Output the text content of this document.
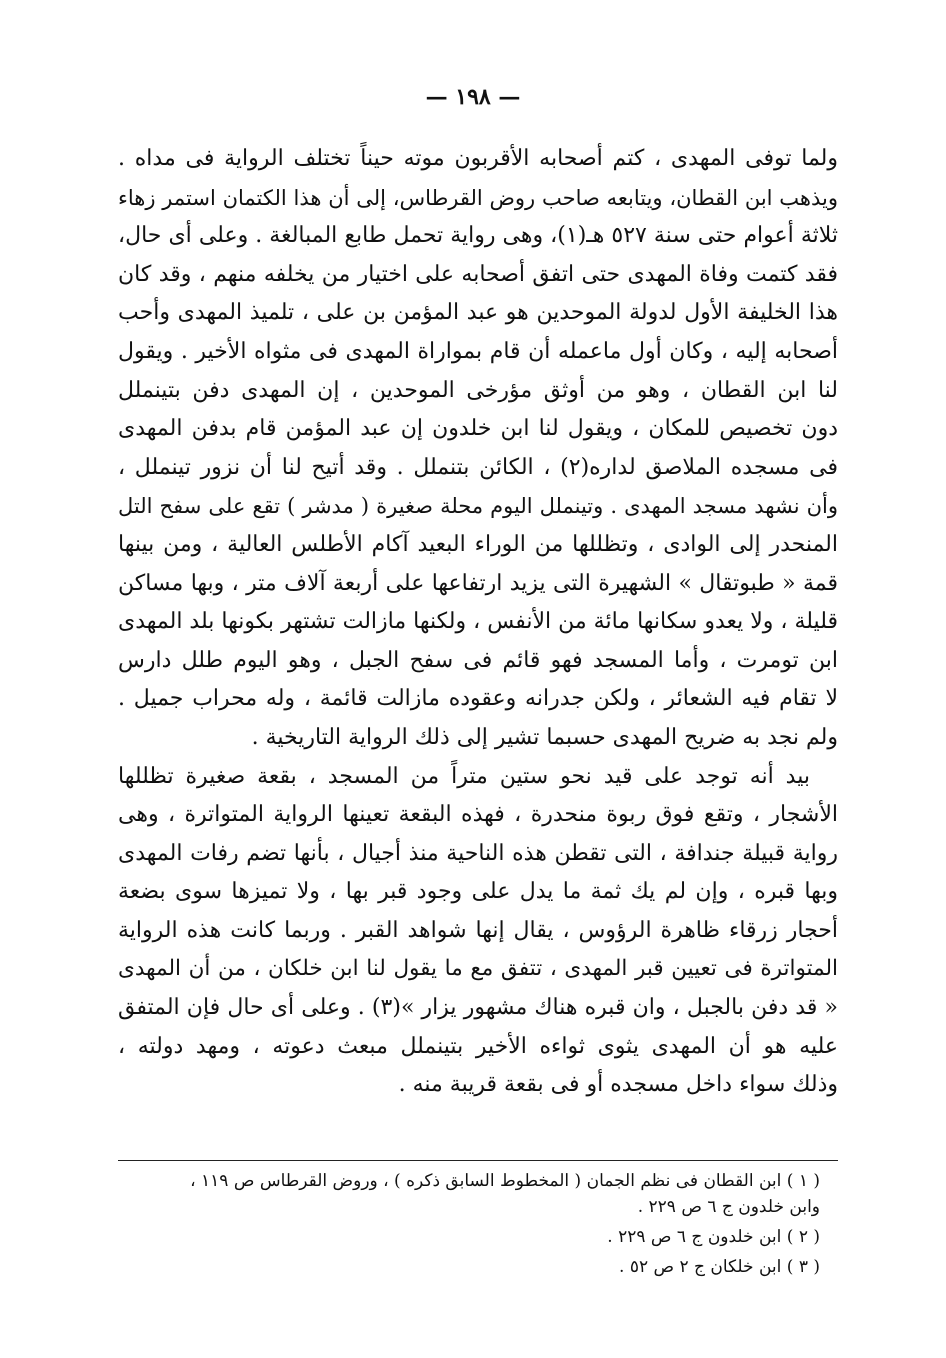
— ١٩٨ —
ولما توفى المهدى ، كتم أصحابه الأقربون موته حيناً تختلف الرواية فى مداه .
ويذهب ابن القطان، ويتابعه صاحب روض القرطاس، إلى أن هذا الكتمان استمر زهاء
ثلاثة أعوام حتى سنة ٥٢٧ هـ(١)، وهى رواية تحمل طابع المبالغة . وعلى أى حال،
فقد كتمت وفاة المهدى حتى اتفق أصحابه على اختيار من يخلفه منهم ، وقد كان
هذا الخليفة الأول لدولة الموحدين هو عبد المؤمن بن على ، تلميذ المهدى وأحب
أصحابه إليه ، وكان أول ماعمله أن قام بمواراة المهدى فى مثواه الأخير . ويقول
لنا ابن القطان ، وهو من أوثق مؤرخى الموحدين ، إن المهدى دفن بتينملل
دون تخصيص للمكان ، ويقول لنا ابن خلدون إن عبد المؤمن قام بدفن المهدى
فى مسجده الملاصق لداره(٢) ، الكائن بتنملل . وقد أتيح لنا أن نزور تينملل ،
وأن نشهد مسجد المهدى . وتينملل اليوم محلة صغيرة ( مدشر ) تقع على سفح التل
المنحدر إلى الوادى ، وتظللها من الوراء البعيد آكام الأطلس العالية ، ومن بينها
قمة « طبوتقال » الشهيرة التى يزيد ارتفاعها على أربعة آلاف متر ، وبها مساكن
قليلة ، ولا يعدو سكانها مائة من الأنفس ، ولكنها مازالت تشتهر بكونها بلد المهدى
ابن تومرت ، وأما المسجد فهو قائم فى سفح الجبل ، وهو اليوم طلل دارس
لا تقام فيه الشعائر ، ولكن جدرانه وعقوده مازالت قائمة ، وله محراب جميل .
ولم نجد به ضريح المهدى حسبما تشير إلى ذلك الرواية التاريخية .
بيد أنه توجد على قيد نحو ستين متراً من المسجد ، بقعة صغيرة تظللها
الأشجار ، وتقع فوق ربوة منحدرة ، فهذه البقعة تعينها الرواية المتواترة ، وهى
رواية قبيلة جندافة ، التى تقطن هذه الناحية منذ أجيال ، بأنها تضم رفات المهدى
وبها قبره ، وإن لم يك ثمة ما يدل على وجود قبر بها ، ولا تميزها سوى بضعة
أحجار زرقاء ظاهرة الرؤوس ، يقال إنها شواهد القبر . وربما كانت هذه الرواية
المتواترة فى تعيين قبر المهدى ، تتفق مع ما يقول لنا ابن خلكان ، من أن المهدى
« قد دفن بالجبل ، وان قبره هناك مشهور يزار »(٣) . وعلى أى حال فإن المتفق
عليه هو أن المهدى يثوى ثواءه الأخير بتينملل مبعث دعوته ، ومهد دولته ،
وذلك سواء داخل مسجده أو فى بقعة قريبة منه .
( ١ ) ابن القطان فى نظم الجمان ( المخطوط السابق ذكره ) ، وروض القرطاس ص ١١٩ ،
وابن خلدون ج ٦ ص ٢٢٩ .
( ٢ ) ابن خلدون ج ٦ ص ٢٢٩ .
( ٣ ) ابن خلكان ج ٢ ص ٥٢ .
